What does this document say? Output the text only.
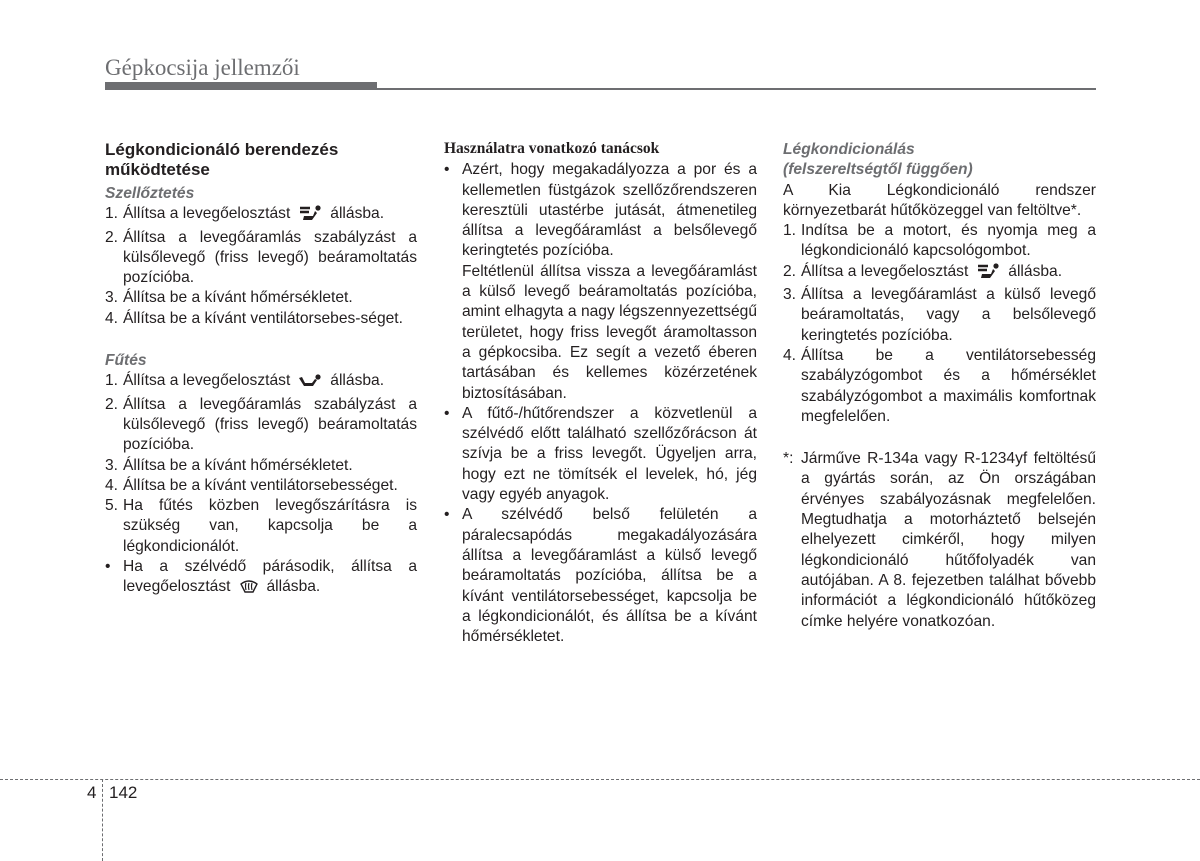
Gépkocsija jellemzői
Légkondicionáló berendezés működtetése
Szellőztetés
1. Állítsa a levegőelosztást	állásba.
2. Állítsa a levegőáramlás szabályzást a külsőlevegő (friss levegő) beáramoltatás pozícióba.
3. Állítsa be a kívánt hőmérsékletet.
4. Állítsa be a kívánt ventilátorsebes-séget.
Fűtés
1. Állítsa a levegőelosztást	állásba.
2. Állítsa a levegőáramlás szabályzást a külsőlevegő (friss levegő) beáramoltatás pozícióba.
3. Állítsa be a kívánt hőmérsékletet.
4. Állítsa be a kívánt ventilátorsebességet.
5. Ha fűtés közben levegőszárításra is szükség van, kapcsolja be a légkondicionálót.
• Ha a szélvédő párásodik, állítsa a levegőelosztást állásba.
Használatra vonatkozó tanácsok
• Azért, hogy megakadályozza a por és a kellemetlen füstgázok szellőzőrendszeren keresztüli utastérbe jutását, átmenetileg állítsa a levegőáramlást a belsőlevegő keringtetés pozícióba.

Feltétlenül állítsa vissza a levegőáramlást a külső levegő beáramoltatás pozícióba, amint elhagyta a nagy légszennyezettségű területet, hogy friss levegőt áramoltasson a gépkocsiba. Ez segít a vezető éberen tartásában és kellemes közérzetének biztosításában.

• A fűtő-/hűtőrendszer a közvetlenül a szélvédő előtt található szellőzőrácson át szívja be a friss levegőt. Ügyeljen arra, hogy ezt ne tömítsék el levelek, hó, jég vagy egyéb anyagok.
• A szélvédő belső felületén a páralecsapódás megakadályozására állítsa a levegőáramlást a külső levegő beáramoltatás pozícióba, állítsa be a kívánt ventilátorsebességet, kapcsolja be a légkondicionálót, és állítsa be a kívánt hőmérsékletet.
Légkondicionálás
(felszereltségtől függően)

A Kia Légkondicionáló rendszer környezetbarát hűtőközeggel van feltöltve*.

1. Indítsa be a motort, és nyomja meg a légkondicionáló kapcsológombot.
2. Állítsa a levegőelosztást	állásba.
3. Állítsa a levegőáramlást a külső levegő beáramoltatás, vagy a belsőlevegő keringtetés pozícióba.
4. Állítsa be a ventilátorsebesség szabályzógombot és a hőmérséklet szabályzógombot a maximális komfortnak megfelelően.
*: Járműve R-134a vagy R-1234yf feltöltésű a gyártás során, az Ön országában érvényes szabályozásnak megfelelően. Megtudhatja a motorháztető belsején elhelyezett cimkéről, hogy milyen légkondicionáló hűtőfolyadék van autójában. A 8. fejezetben találhat bővebb információt a légkondicionáló hűtőközeg címke helyére vonatkozóan.
4 142
